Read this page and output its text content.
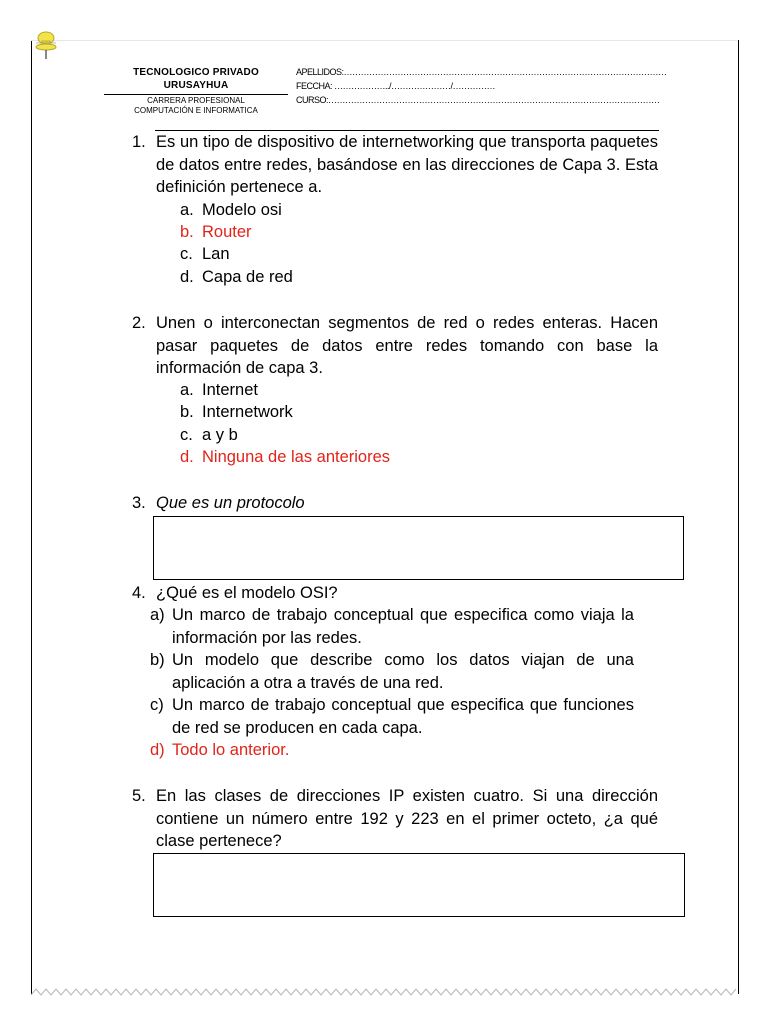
TECNOLOGICO PRIVADO
URUSAYHUA
CARRERA PROFESIONAL
COMPUTACIÓN E INFORMATICA
APELLIDOS:……………………………………………………………………………………………………
FECCHA: ………………../…………………/……………
CURSO:………………………………………………………………………………………………………
1. Es un tipo de dispositivo de internetworking que transporta paquetes de datos entre redes, basándose en las direcciones de Capa 3. Esta definición pertenece a.
a. Modelo osi
b. Router
c. Lan
d. Capa de red
2. Unen o interconectan segmentos de red o redes enteras. Hacen pasar paquetes de datos entre redes tomando con base la información de capa 3.
a. Internet
b. Internetwork
c. a y b
d. Ninguna de las anteriores
3. Que es un protocolo
4. ¿Qué es el modelo OSI?
a) Un marco de trabajo conceptual que especifica como viaja la información por las redes.
b) Un modelo que describe como los datos viajan de una aplicación a otra a través de una red.
c) Un marco de trabajo conceptual que especifica que funciones de red se producen en cada capa.
d) Todo lo anterior.
5. En las clases de direcciones IP existen cuatro. Si una dirección contiene un número entre 192 y 223 en el primer octeto, ¿a qué clase pertenece?
